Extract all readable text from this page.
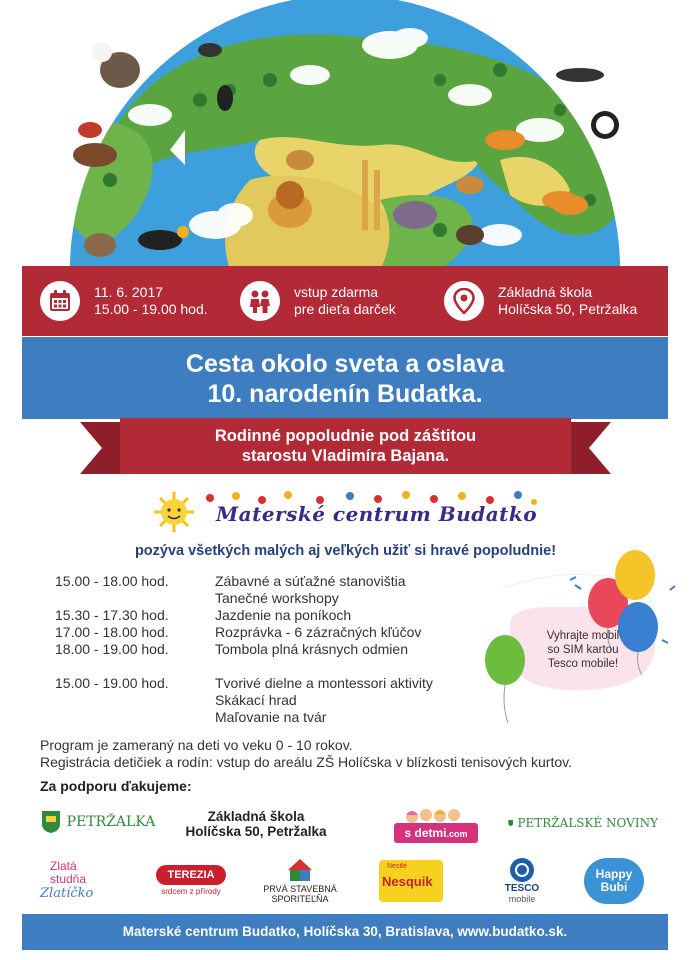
11. 6. 2017
15.00 - 19.00 hod.
vstup zdarma
pre dieťa darček
Základná škola
Holíčska 50, Petržalka
Cesta okolo sveta a oslava
10. narodenín Budatka.
Rodinné popoludnie pod záštitou
starostu Vladimíra Bajana.
Materské centrum Budatko
pozýva všetkých malých aj veľkých užiť si hravé popoludnie!
15.00 - 18.00 hod.	Zábavné a súťažné stanovištia
Tanečné workshopy
15.30 - 17.30 hod.	Jazdenie na poníkoch
17.00 - 18.00 hod.	Rozprávka - 6 zázračných kľúčov
18.00 - 19.00 hod.	Tombola plná krásnych odmien
15.00 - 19.00 hod.	Tvorivé dielne a montessori aktivity
Skákací hrad
Maľovanie na tvár
Vyhrajte mobil
so SIM kartou
Tesco mobile!
Program je zameraný na deti vo veku 0 - 10 rokov.
Registrácia detičiek a rodín: vstup do areálu ZŠ Holíčska v blízkosti tenisových kurtov.
Za podporu ďakujeme:
PETRŽALKA	Základná škola
Holíčska 50, Petržalka	s detmi.com
PETRŽALSKÉ NOVINY
Zlatá
studňa
Zlatíčko
TEREZIA
srdcem z přírody	PRVÁ STAVEBNÁ
SPORITEĽŇA
Nestlé
Nesquik	TESCO
mobile
Happy
Bubi
Materské centrum Budatko, Holíčska 30, Bratislava, www.budatko.sk.
